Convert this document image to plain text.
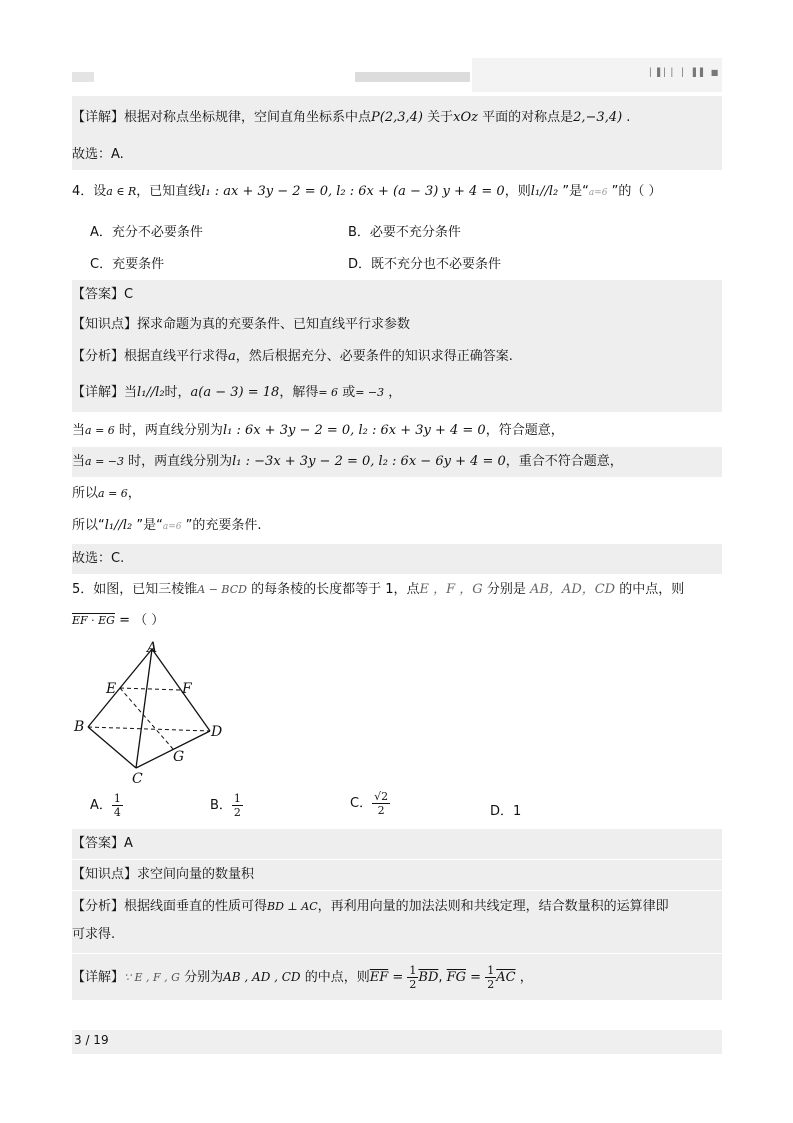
▏▌▏▏ ▏ ▌▌ ■
【详解】根据对称点坐标规律，空间直角坐标系中点P(2,3,4) 关于xOz 平面的对称点是2,−3,4) .
故选：A.
4．设a ∈ R，已知直线l₁ : ax + 3y − 2 = 0, l₂ : 6x + (a − 3) y + 4 = 0，则l₁//l₂ ”是“a=6 ”的（ ）
A．充分不必要条件	B．必要不充分条件
C．充要条件	D．既不充分也不必要条件
【答案】C
【知识点】探求命题为真的充要条件、已知直线平行求参数
【分析】根据直线平行求得a，然后根据充分、必要条件的知识求得正确答案.
【详解】当l₁//l₂时，a(a − 3) = 18，解得= 6 或= −3 ，
当a = 6 时，两直线分别为l₁ : 6x + 3y − 2 = 0, l₂ : 6x + 3y + 4 = 0，符合题意，
当a = −3 时，两直线分别为l₁ : −3x + 3y − 2 = 0, l₂ : 6x − 6y + 4 = 0，重合不符合题意，
所以a = 6，
所以“l₁//l₂ ”是“a=6 ”的充要条件.
故选：C.
5．如图，已知三棱锥A − BCD 的每条棱的长度都等于 1，点E ，F ，G 分别是 AB，AD，CD 的中点，则
EF · EG = （ ）
A
B
C
D
E	F
G
A． $\frac{1}{4}$	B． $\frac{1}{2}$	C． $\frac{√2}{2}$	D．1
【答案】A
【知识点】求空间向量的数量积
【分析】根据线面垂直的性质可得BD ⊥ AC，再利用向量的加法法则和共线定理，结合数量积的运算律即
可求得.
【详解】∵ E , F , G 分别为AB , AD , CD 的中点，则$\overline{EF} = \frac{1}{2} \overline{BD}$, $\overline{FG} = \frac{1}{2} \overline{AC}$ ，
3 / 19
